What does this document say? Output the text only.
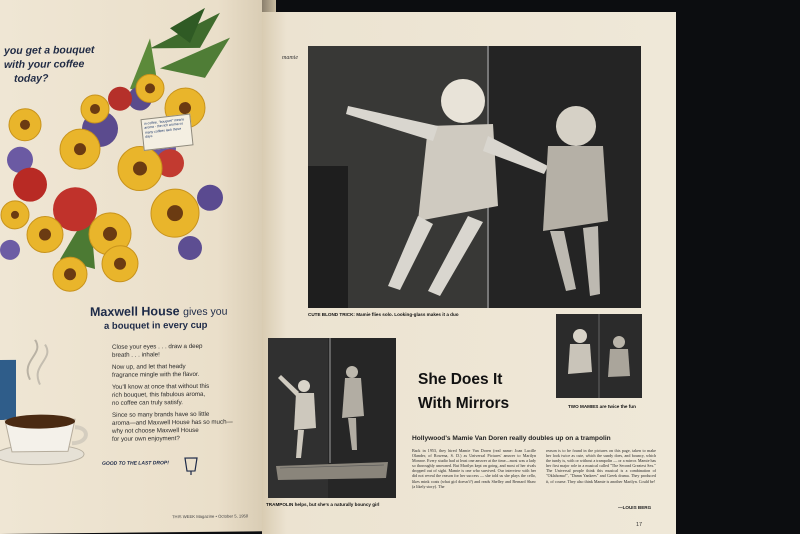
you get a bouquet
with your coffee
today?
in coffee, "bouquet" means aroma - the rich aroma so many coffees lack these days
Maxwell House gives you
a bouquet in every cup
Close your eyes . . . draw a deep
breath . . . inhale!
Now up, and let that heady
fragrance mingle with the flavor.
You'll know at once that without this
rich bouquet, this fabulous aroma,
no coffee can truly satisfy.
Since so many brands have so little
aroma—and Maxwell House has so much—
why not choose Maxwell House
for your own enjoyment?
GOOD TO THE LAST DROP!
THIS WEEK Magazine • October 5, 1958
mamie
CUTE BLOND TRICK: Mamie flies solo. Looking-glass makes it a duo
TWO MAMIES are twice the fun
TRAMPOLIN helps, but she's a naturally bouncy girl
She Does It
With Mirrors
Hollywood's Mamie Van Doren really doubles up on a trampolin
Back in 1953, they hired Mamie Van Doren (real name: Joan Lucille Olander, of Rowena, S. D.) as Universal Pictures' answer to Marilyn Monroe. Every studio had at least one answer at the time—most was a lady so thoroughly unowned. But Marilyn kept on going, and most of her rivals dropped out of sight. Mamie is one who survived. Our interview with her did not reveal the reason for her success — she told us she plays the cello, likes mink coats (what girl doesn't?) and reads Shelley and Bernard Shaw (a likely story). The
reason is to be found in the pictures on this page, taken to make her look twice as cute, which the sundy does, and bouncy, which the tundy is, with or without a trampolin — or a mirror. Mamie has her first major role in a musical called "The Second Greatest Sex." The Universal people think this musical is a combination of "Oklahoma!", "Damn Yankees" and Greek drama. They produced it, of course. They also think Mamie is another Marilyn. Could be!
—LOUIS BERG
17
